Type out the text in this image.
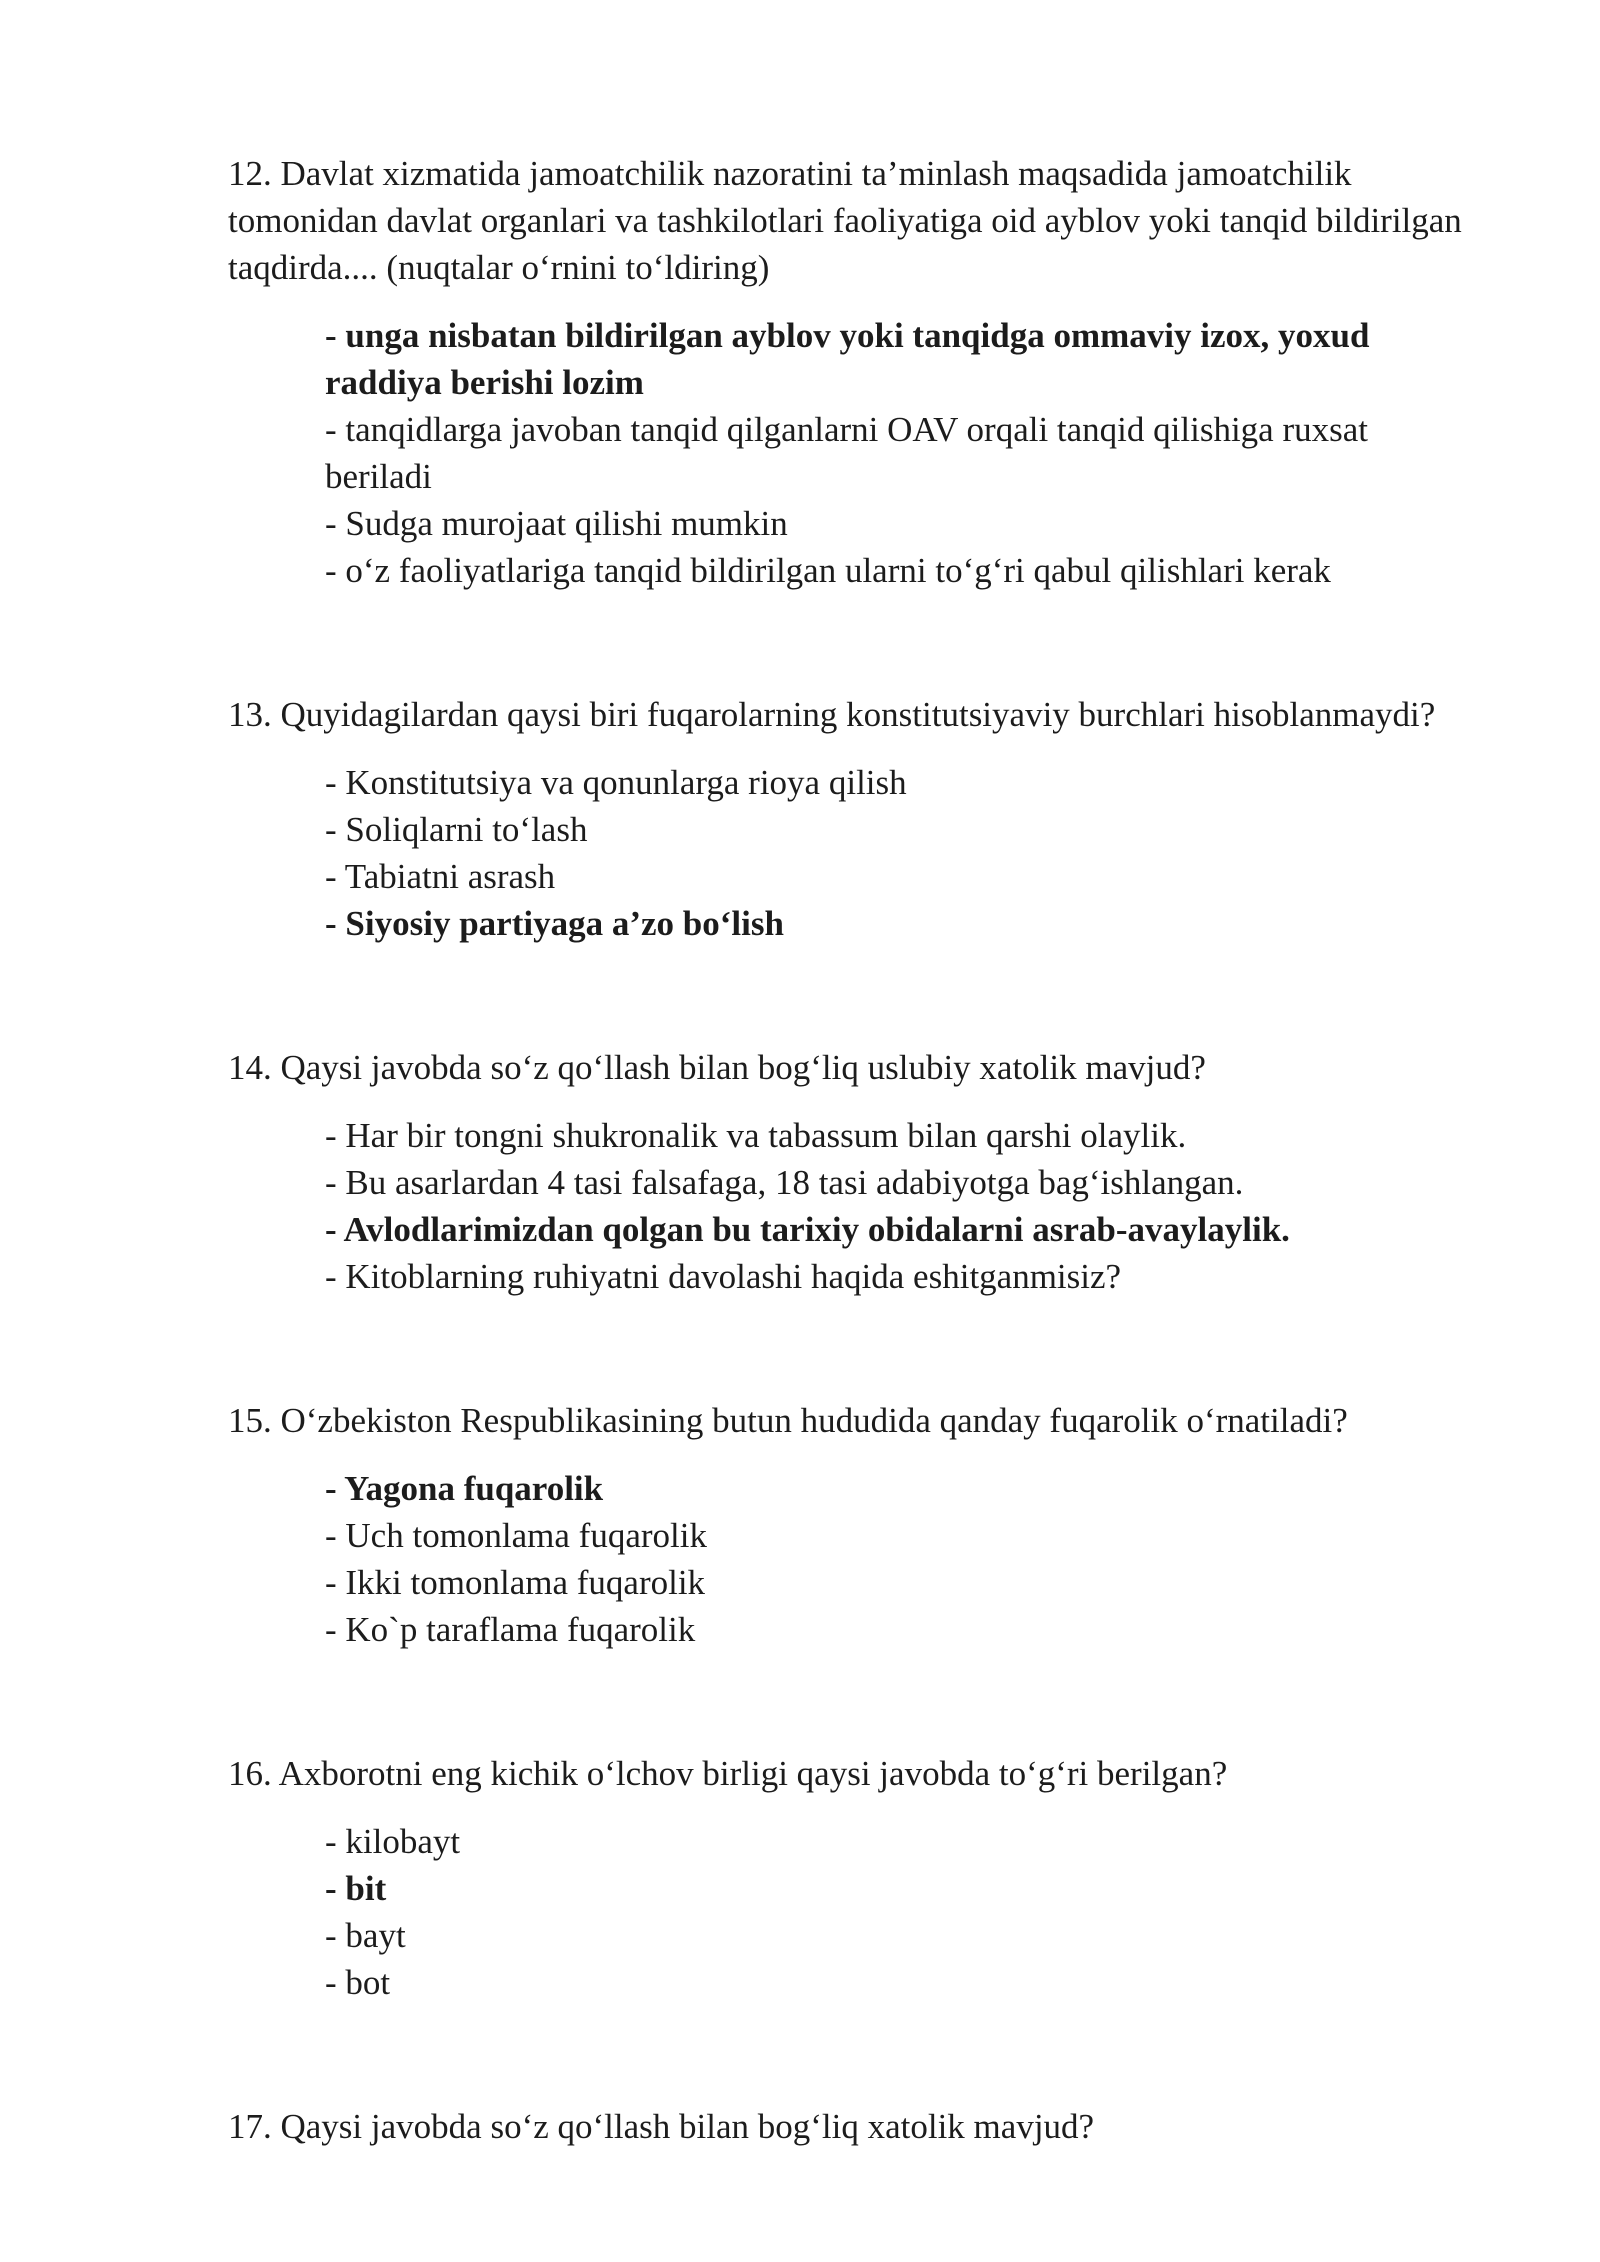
12. Davlat xizmatida jamoatchilik nazoratini ta’minlash maqsadida jamoatchilik tomonidan davlat organlari va tashkilotlari faoliyatiga oid ayblov yoki tanqid bildirilgan taqdirda.... (nuqtalar o‘rnini to‘ldiring)

- unga nisbatan bildirilgan ayblov yoki tanqidga ommaviy izox, yoxud raddiya berishi lozim
- tanqidlarga javoban tanqid qilganlarni OAV orqali tanqid qilishiga ruxsat beriladi
- Sudga murojaat qilishi mumkin
- o‘z faoliyatlariga tanqid bildirilgan ularni to‘g‘ri qabul qilishlari kerak

13. Quyidagilardan qaysi biri fuqarolarning konstitutsiyaviy burchlari hisoblanmaydi?

- Konstitutsiya va qonunlarga rioya qilish
- Soliqlarni to‘lash
- Tabiatni asrash
- Siyosiy partiyaga a’zo bo‘lish

14. Qaysi javobda so‘z qo‘llash bilan bog‘liq uslubiy xatolik mavjud?

- Har bir tongni shukronalik va tabassum bilan qarshi olaylik.
- Bu asarlardan 4 tasi falsafaga, 18 tasi adabiyotga bag‘ishlangan.
- Avlodlarimizdan qolgan bu tarixiy obidalarni asrab-avaylaylik.
- Kitoblarning ruhiyatni davolashi haqida eshitganmisiz?

15. O‘zbekiston Respublikasining butun hududida qanday fuqarolik o‘rnatiladi?

- Yagona fuqarolik
- Uch tomonlama fuqarolik
- Ikki tomonlama fuqarolik
- Ko`p taraflama fuqarolik

16. Axborotni eng kichik o‘lchov birligi qaysi javobda to‘g‘ri berilgan?

- kilobayt
- bit
- bayt
- bot

17. Qaysi javobda so‘z qo‘llash bilan bog‘liq xatolik mavjud?
